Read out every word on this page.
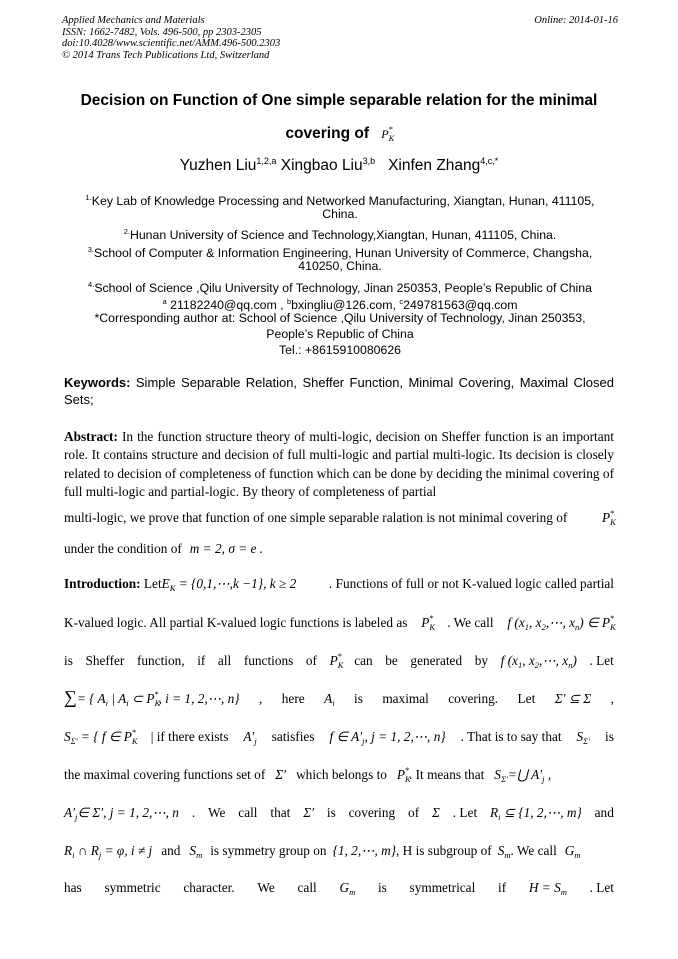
Applied Mechanics and Materials
ISSN: 1662-7482, Vols. 496-500, pp 2303-2305
doi:10.4028/www.scientific.net/AMM.496-500.2303
© 2014 Trans Tech Publications Ltd, Switzerland
Online: 2014-01-16
Decision on Function of One simple separable relation for the minimal
covering of $P_K^*$
Yuzhen Liu$^{1,2,a}$ Xingbao Liu$^{3,b}$ Xinfen Zhang$^{4,c,*}$
$^{1.}$Key Lab of Knowledge Processing and Networked Manufacturing, Xiangtan, Hunan, 411105,
China.
$^{2.}$Hunan University of Science and Technology,Xiangtan, Hunan, 411105, China.
$^{3.}$School of Computer & Information Engineering, Hunan University of Commerce, Changsha,
410250, China.
$^{4.}$School of Science ,Qilu University of Technology, Jinan 250353, People’s Republic of China
$^a$ 21182240@qq.com , $^b$bxingliu@126.com, $^c$249781563@qq.com
*Corresponding author at: School of Science ,Qilu University of Technology, Jinan 250353,
People’s Republic of China
Tel.: +8615910080626
Keywords: Simple Separable Relation, Sheffer Function, Minimal Covering, Maximal Closed Sets;
Abstract: In the function structure theory of multi-logic, decision on Sheffer function is an important role. It contains structure and decision of full multi-logic and partial multi-logic. Its decision is closely related to decision of completeness of function which can be done by deciding the minimal covering of full multi-logic and partial-logic. By theory of completeness of partial
multi-logic, we prove that function of one simple separable ralation is not minimal covering of	$P_K^*$
under the condition of m = 2, σ = e .
Introduction: LetE$_K$ = {0,1,⋯,k −1}, k ≥ 2 . Functions of full or not K-valued logic called partial
K-valued logic. All partial K-valued logic functions is labeled as $P_K^*$ . We call f ($x_1$, $x_2,\cdots$, $x_n$) ∈ $P_K^*$
is Sheffer function, if all functions of $P_K^*$ can be generated by f ($x_1$, $x_2,\cdots$, $x_n$) . Let
∑= { $A_i$ | $A_i$ ⊂ $P_K^*$, i = 1, 2,⋯, n} , here $A_i$ is maximal covering. Let Σ′ ⊆ Σ ,
$S_{\Sigma'}$ = { f ∈ $P_K^*$ | if there exists $A'_j$ satisfies f ∈ $A'_j$, j = 1, 2,⋯, n} . That is to say that $S_{\Sigma'}$ is
the maximal covering functions set of Σ′ which belongs to $P_K^*$ . It means that $S_{\Sigma'}=⋃$ $A'_j$ ,
$A'_j\in$ Σ′, j = 1, 2,⋯, n . We call that Σ′ is covering of Σ . Let $R_i$ ⊆ {1, 2,⋯, m} and
$R_i$ ∩ $R_j = \varphi$, i ≠ j and $S_m$ is symmetry group on {1, 2,⋯, m} , H is subgroup of $S_m$ . We call $G_m$
has symmetric character. We call $G_m$ is symmetrical if $H = S_m$ . Let
